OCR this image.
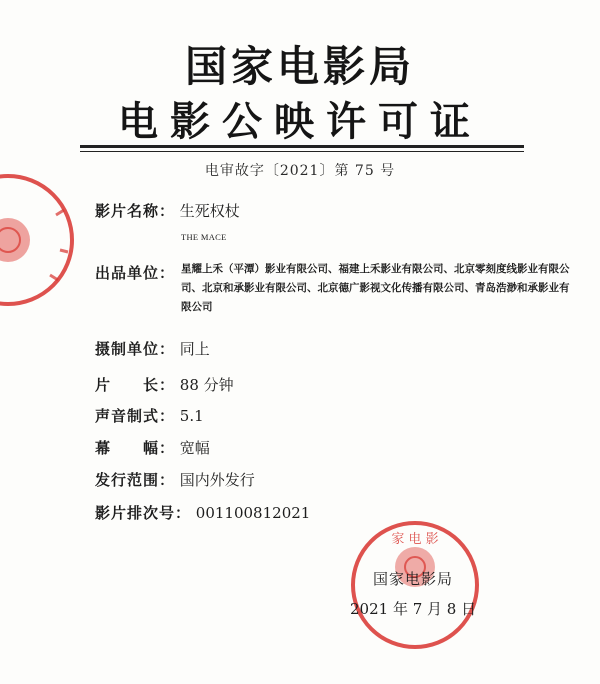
国家电影局
电影公映许可证
电审故字〔2021〕第 75 号
影片名称： 生死权杖
THE MACE
出品单位： 星耀上禾（平潭）影业有限公司、福建上禾影业有限公司、北京零刻度线影业有限公司、北京和承影业有限公司、北京德广影视文化传播有限公司、青岛浩渺和承影业有限公司
摄制单位： 同上
片　　长： 88 分钟
声音制式： 5.1
幕　　幅： 宽幅
发行范围： 国内外发行
影片排次号： 001100812021
家 电 影
国家电影局
2021 年 7 月 8 日
